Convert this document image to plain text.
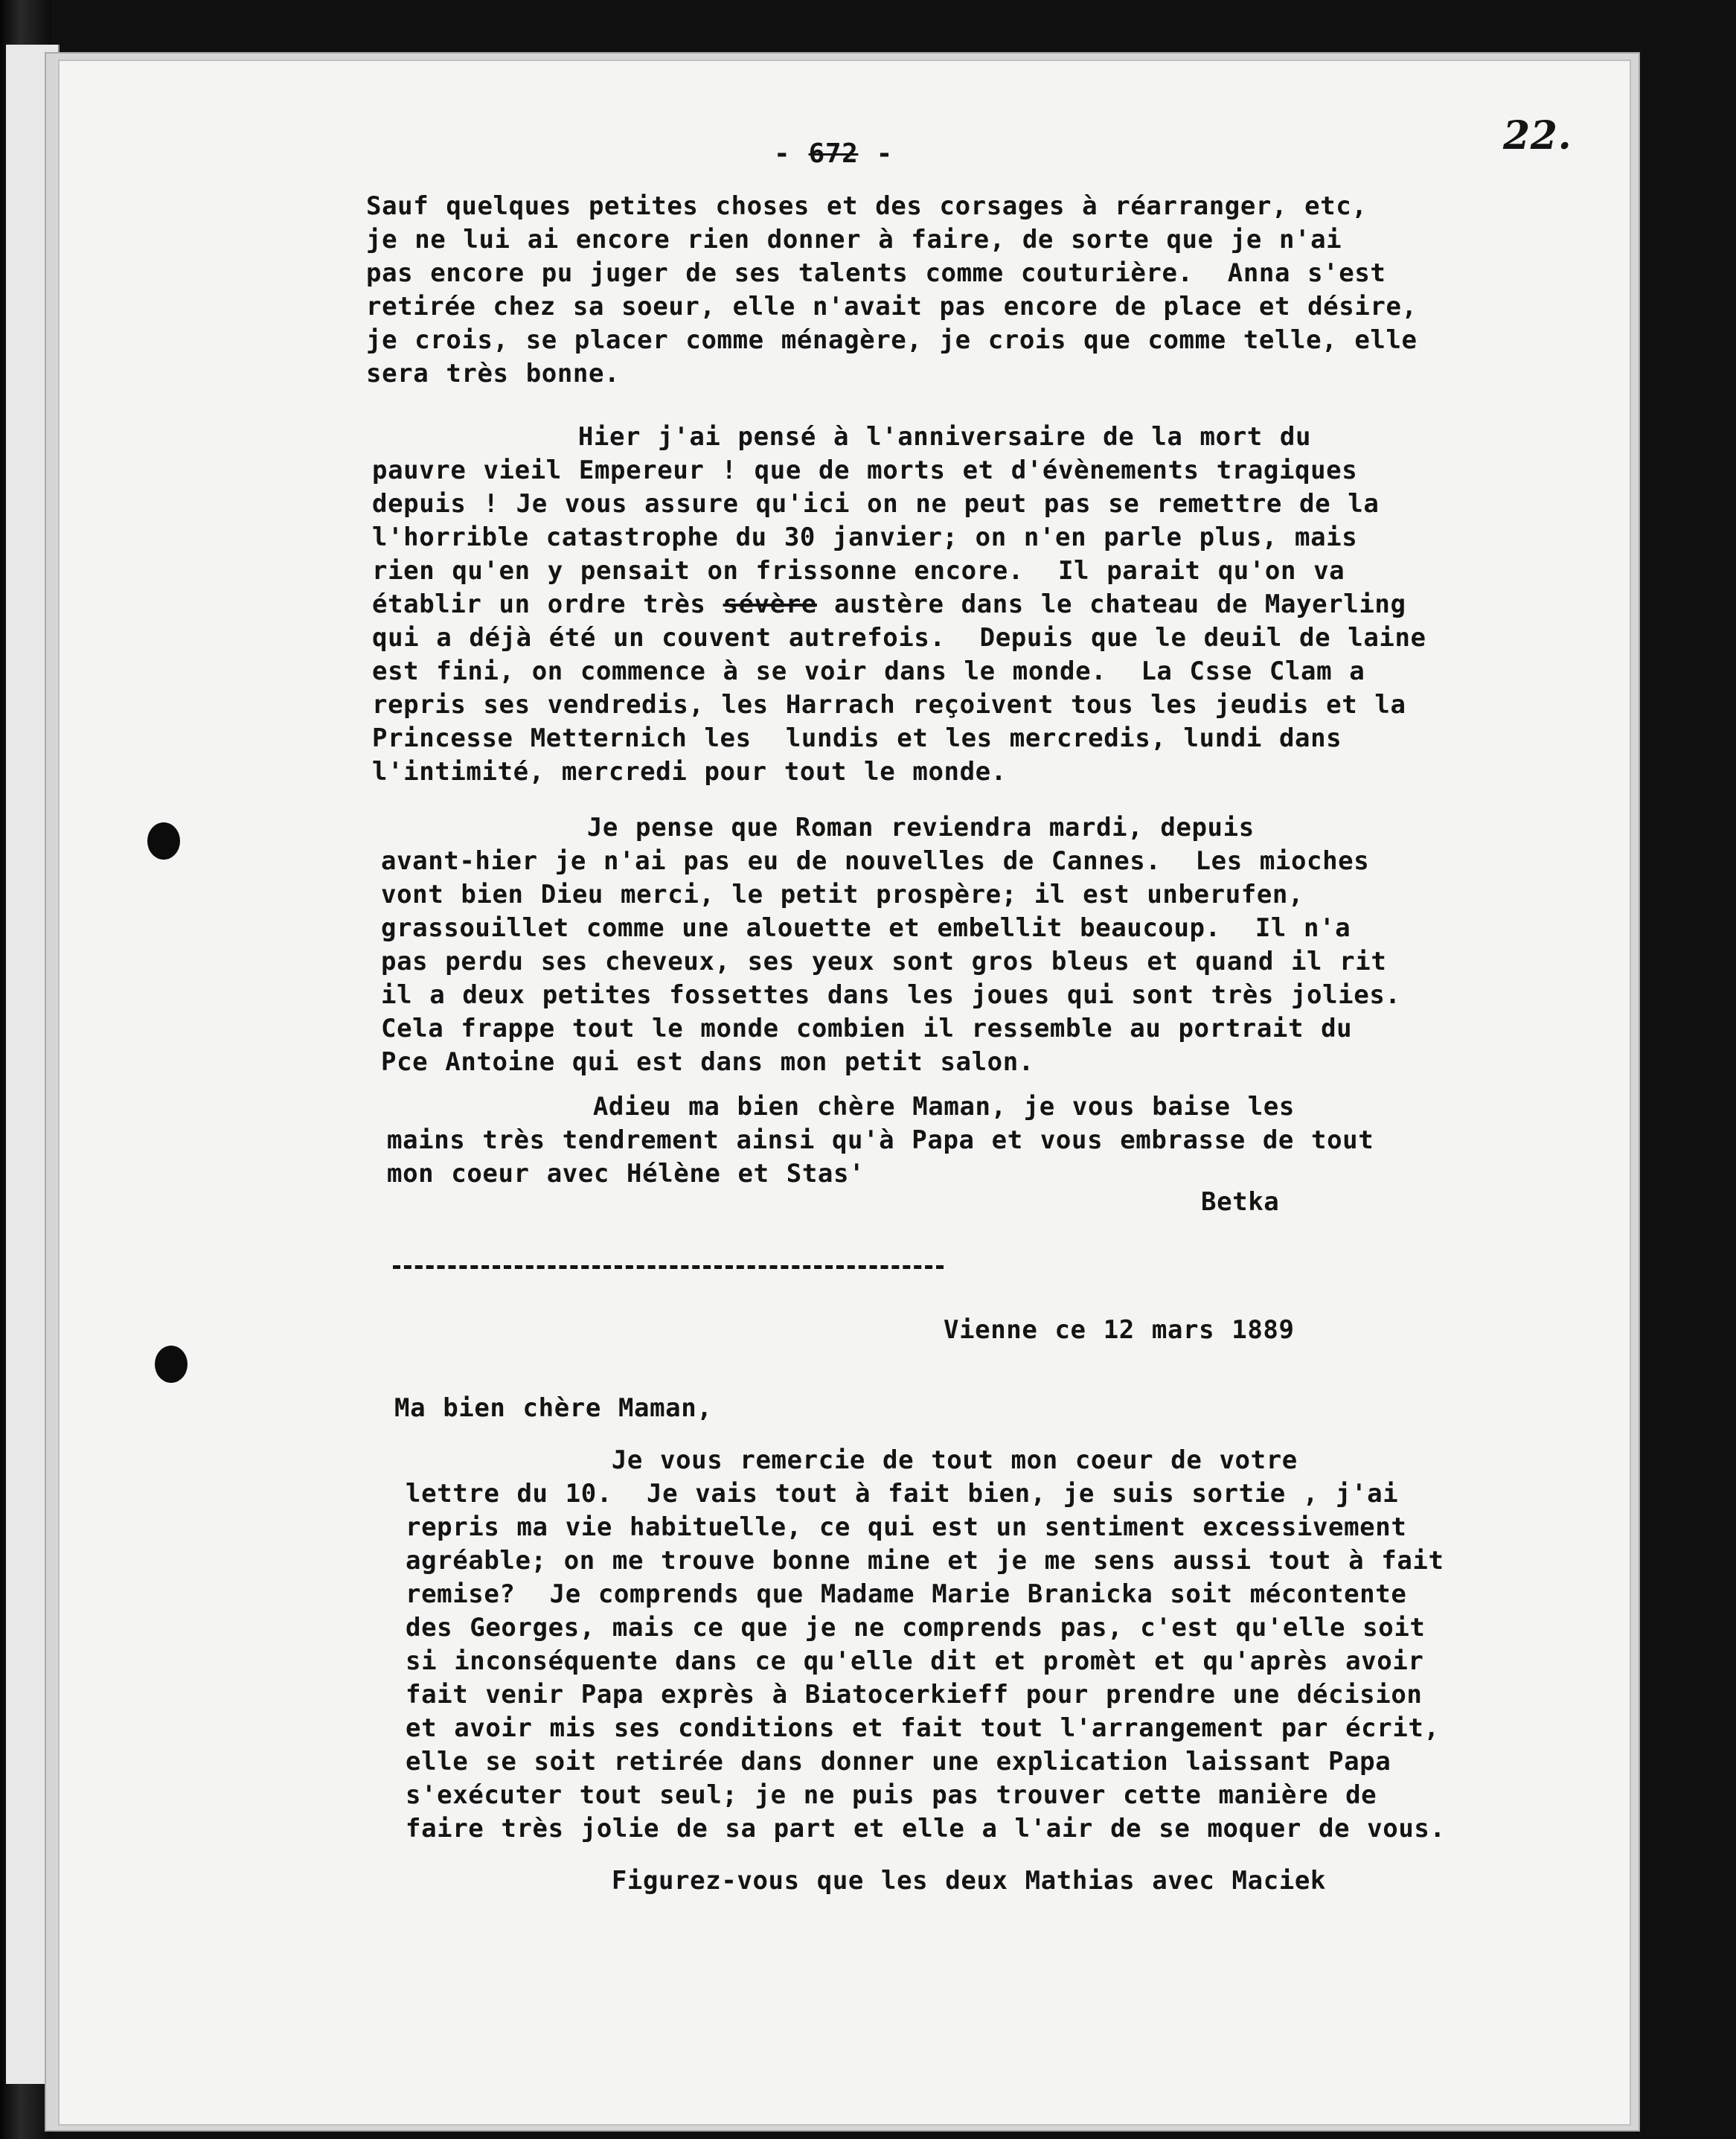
- 672 -	22.
Sauf quelques petites choses et des corsages à réarranger, etc,
je ne lui ai encore rien donner à faire, de sorte que je n'ai
pas encore pu juger de ses talents comme couturière.  Anna s'est
retirée chez sa soeur, elle n'avait pas encore de place et désire,
je crois, se placer comme ménagère, je crois que comme telle, elle
sera très bonne.
Hier j'ai pensé à l'anniversaire de la mort du
pauvre vieil Empereur ! que de morts et d'évènements tragiques
depuis ! Je vous assure qu'ici on ne peut pas se remettre de la
l'horrible catastrophe du 30 janvier; on n'en parle plus, mais
rien qu'en y pensait on frissonne encore.  Il parait qu'on va
établir un ordre très sévère austère dans le chateau de Mayerling
qui a déjà été un couvent autrefois.  Depuis que le deuil de laine
est fini, on commence à se voir dans le monde.  La Csse Clam a
repris ses vendredis, les Harrach reçoivent tous les jeudis et la
Princesse Metternich les  lundis et les mercredis, lundi dans
l'intimité, mercredi pour tout le monde.
Je pense que Roman reviendra mardi, depuis
avant-hier je n'ai pas eu de nouvelles de Cannes.  Les mioches
vont bien Dieu merci, le petit prospère; il est unberufen,
grassouillet comme une alouette et embellit beaucoup.  Il n'a
pas perdu ses cheveux, ses yeux sont gros bleus et quand il rit
il a deux petites fossettes dans les joues qui sont très jolies.
Cela frappe tout le monde combien il ressemble au portrait du
Pce Antoine qui est dans mon petit salon.
Adieu ma bien chère Maman, je vous baise les
mains très tendrement ainsi qu'à Papa et vous embrasse de tout
mon coeur avec Hélène et Stas'
Betka
Vienne ce 12 mars 1889
Ma bien chère Maman,
Je vous remercie de tout mon coeur de votre
lettre du 10.  Je vais tout à fait bien, je suis sortie , j'ai
repris ma vie habituelle, ce qui est un sentiment excessivement
agréable; on me trouve bonne mine et je me sens aussi tout à fait
remise?  Je comprends que Madame Marie Branicka soit mécontente
des Georges, mais ce que je ne comprends pas, c'est qu'elle soit
si inconséquente dans ce qu'elle dit et promèt et qu'après avoir
fait venir Papa exprès à Biatocerkieff pour prendre une décision
et avoir mis ses conditions et fait tout l'arrangement par écrit,
elle se soit retirée dans donner une explication laissant Papa
s'exécuter tout seul; je ne puis pas trouver cette manière de
faire très jolie de sa part et elle a l'air de se moquer de vous.
Figurez-vous que les deux Mathias avec Maciek
